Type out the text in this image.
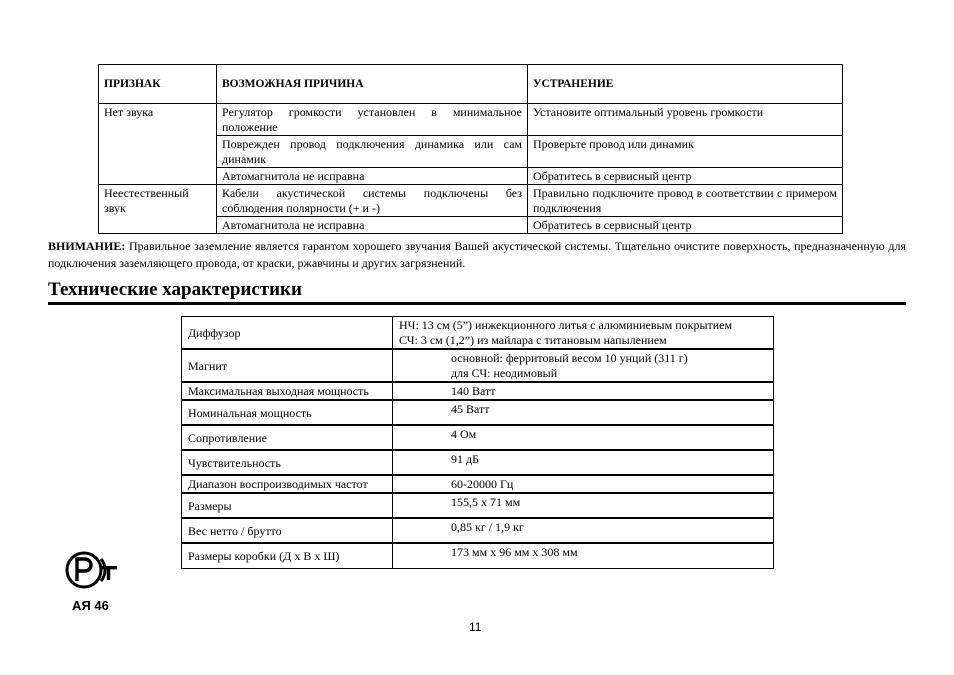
ПРИЗНАК	ВОЗМОЖНАЯ ПРИЧИНА	УСТРАНЕНИЕ
Нет звука	Регулятор громкости установлен в минимальное положение	Установите оптимальный уровень громкости
	Поврежден провод подключения динамика или сам динамик	Проверьте провод или динамик
	Автомагнитола не исправна	Обратитесь в сервисный центр
Неестественный звук	Кабели акустической системы подключены без соблюдения полярности (+ и -)	Правильно подключите провод в соответствии с примером подключения
	Автомагнитола не исправна	Обратитесь в сервисный центр

ВНИМАНИЕ: Правильное заземление является гарантом хорошего звучания Вашей акустической системы. Тщательно очистите поверхность, предназначенную для подключения заземляющего провода, от краски, ржавчины и других загрязнений.

Технические характеристики
Диффузор	НЧ: 13 см (5”) инжекционного литья с алюминиевым покрытием
СЧ: 3 см (1,2”) из майлара с титановым напылением

Магнит	основной: ферритовый весом 10 унций (311 г)
для СЧ: неодимовый

Максимальная выходная мощность	140 Ватт
Номинальная мощность	45 Ватт
Сопротивление	4 Ом
Чувствительность	91 дБ
Диапазон воспроизводимых частот	60-20000 Гц
Размеры	155,5 х 71 мм
Вес нетто / брутто	0,85 кг / 1,9 кг
Размеры коробки (Д х В х Ш)	173 мм х 96 мм х 308 мм
АЯ 46
11
